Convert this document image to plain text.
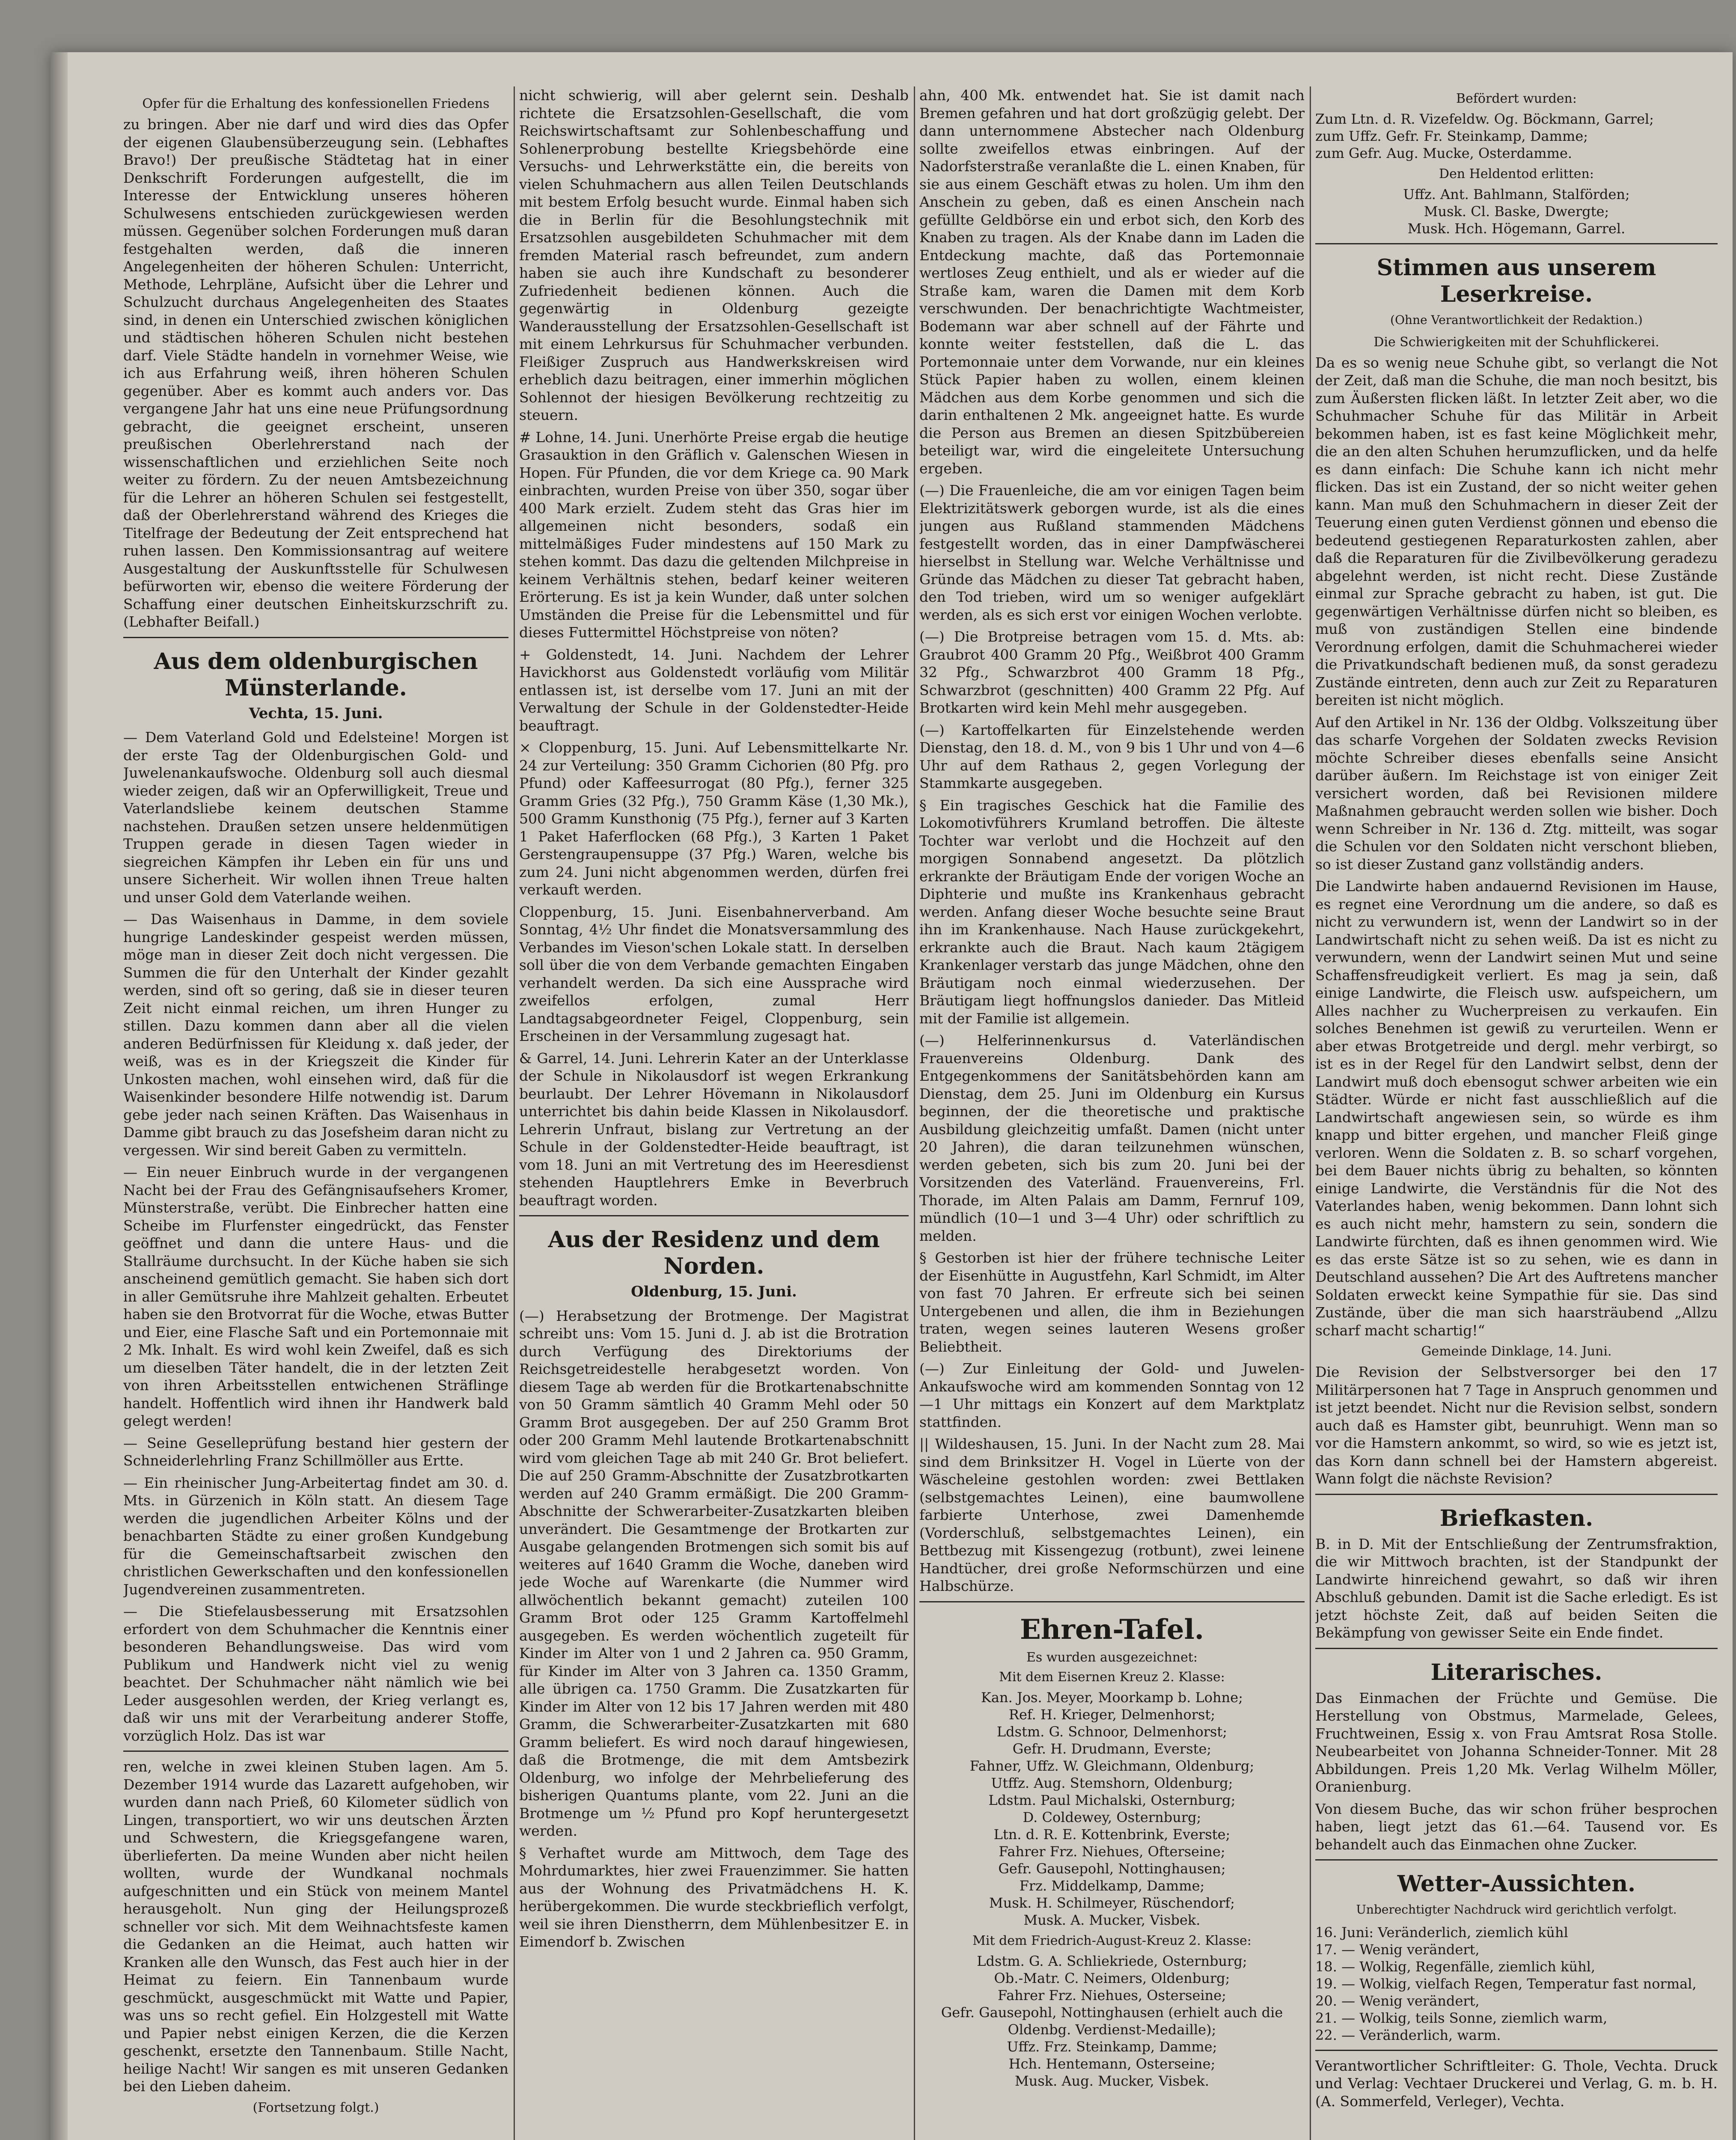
Opfer für die Erhaltung des konfessionellen Friedens

zu bringen. Aber nie darf und wird dies das Opfer der eigenen Glaubensüberzeugung sein. (Lebhaftes Bravo!) Der preußische Städtetag hat in einer Denkschrift Forderungen aufgestellt, die im Interesse der Entwicklung unseres höheren Schulwesens entschieden zurückgewiesen werden müssen. Gegenüber solchen Forderungen muß daran festgehalten werden, daß die inneren Angelegenheiten der höheren Schulen: Unterricht, Methode, Lehrpläne, Aufsicht über die Lehrer und Schulzucht durchaus Angelegenheiten des Staates sind, in denen ein Unterschied zwischen königlichen und städtischen höheren Schulen nicht bestehen darf. Viele Städte handeln in vornehmer Weise, wie ich aus Erfahrung weiß, ihren höheren Schulen gegenüber. Aber es kommt auch anders vor. Das vergangene Jahr hat uns eine neue Prüfungsordnung gebracht, die geeignet erscheint, unseren preußischen Oberlehrerstand nach der wissenschaftlichen und erziehlichen Seite noch weiter zu fördern. Zu der neuen Amtsbezeichnung für die Lehrer an höheren Schulen sei festgestellt, daß der Oberlehrerstand während des Krieges die Titelfrage der Bedeutung der Zeit entsprechend hat ruhen lassen. Den Kommissionsantrag auf weitere Ausgestaltung der Auskunftsstelle für Schulwesen befürworten wir, ebenso die weitere Förderung der Schaffung einer deutschen Einheitskurzschrift zu. (Lebhafter Beifall.)

Aus dem oldenburgischen Münsterlande.

Vechta, 15. Juni.

— Dem Vaterland Gold und Edelsteine! Morgen ist der erste Tag der Oldenburgischen Gold- und Juwelenankaufswoche. Oldenburg soll auch diesmal wieder zeigen, daß wir an Opferwilligkeit, Treue und Vaterlandsliebe keinem deutschen Stamme nachstehen. Draußen setzen unsere heldenmütigen Truppen gerade in diesen Tagen wieder in siegreichen Kämpfen ihr Leben ein für uns und unsere Sicherheit. Wir wollen ihnen Treue halten und unser Gold dem Vaterlande weihen.

— Das Waisenhaus in Damme, in dem soviele hungrige Landeskinder gespeist werden müssen, möge man in dieser Zeit doch nicht vergessen. Die Summen die für den Unterhalt der Kinder gezahlt werden, sind oft so gering, daß sie in dieser teuren Zeit nicht einmal reichen, um ihren Hunger zu stillen. Dazu kommen dann aber all die vielen anderen Bedürfnissen für Kleidung x. daß jeder, der weiß, was es in der Kriegszeit die Kinder für Unkosten machen, wohl einsehen wird, daß für die Waisenkinder besondere Hilfe notwendig ist. Darum gebe jeder nach seinen Kräften. Das Waisenhaus in Damme gibt brauch zu das Josefsheim daran nicht zu vergessen. Wir sind bereit Gaben zu vermitteln.

— Ein neuer Einbruch wurde in der vergangenen Nacht bei der Frau des Gefängnisaufsehers Kromer, Münsterstraße, verübt. Die Einbrecher hatten eine Scheibe im Flurfenster eingedrückt, das Fenster geöffnet und dann die untere Haus- und die Stallräume durchsucht. In der Küche haben sie sich anscheinend gemütlich gemacht. Sie haben sich dort in aller Gemütsruhe ihre Mahlzeit gehalten. Erbeutet haben sie den Brotvorrat für die Woche, etwas Butter und Eier, eine Flasche Saft und ein Portemonnaie mit 2 Mk. Inhalt. Es wird wohl kein Zweifel, daß es sich um dieselben Täter handelt, die in der letzten Zeit von ihren Arbeitsstellen entwichenen Sträflinge handelt. Hoffentlich wird ihnen ihr Handwerk bald gelegt werden!

— Seine Geselleprüfung bestand hier gestern der Schneiderlehrling Franz Schillmöller aus Ertte.

— Ein rheinischer Jung-Arbeitertag findet am 30. d. Mts. in Gürzenich in Köln statt. An diesem Tage werden die jugendlichen Arbeiter Kölns und der benachbarten Städte zu einer großen Kundgebung für die Gemeinschaftsarbeit zwischen den christlichen Gewerkschaften und den konfessionellen Jugendvereinen zusammentreten.

— Die Stiefelausbesserung mit Ersatzsohlen erfordert von dem Schuhmacher die Kenntnis einer besonderen Behandlungsweise. Das wird vom Publikum und Handwerk nicht viel zu wenig beachtet. Der Schuhmacher näht nämlich wie bei Leder ausgesohlen werden, der Krieg verlangt es, daß wir uns mit der Verarbeitung anderer Stoffe, vorzüglich Holz. Das ist war

ren, welche in zwei kleinen Stuben lagen. Am 5. Dezember 1914 wurde das Lazarett aufgehoben, wir wurden dann nach Prieß, 60 Kilometer südlich von Lingen, transportiert, wo wir uns deutschen Ärzten und Schwestern, die Kriegsgefangene waren, überlieferten. Da meine Wunden aber nicht heilen wollten, wurde der Wundkanal nochmals aufgeschnitten und ein Stück von meinem Mantel herausgeholt. Nun ging der Heilungsprozeß schneller vor sich. Mit dem Weihnachtsfeste kamen die Gedanken an die Heimat, auch hatten wir Kranken alle den Wunsch, das Fest auch hier in der Heimat zu feiern. Ein Tannenbaum wurde geschmückt, ausgeschmückt mit Watte und Papier, was uns so recht gefiel. Ein Holzgestell mit Watte und Papier nebst einigen Kerzen, die die Kerzen geschenkt, ersetzte den Tannenbaum. Stille Nacht, heilige Nacht! Wir sangen es mit unseren Gedanken bei den Lieben daheim.

(Fortsetzung folgt.)

nicht schwierig, will aber gelernt sein. Deshalb richtete die Ersatzsohlen-Gesellschaft, die vom Reichswirtschaftsamt zur Sohlenbeschaffung und Sohlenerprobung bestellte Kriegsbehörde eine Versuchs- und Lehrwerkstätte ein, die bereits von vielen Schuhmachern aus allen Teilen Deutschlands mit bestem Erfolg besucht wurde. Einmal haben sich die in Berlin für die Besohlungstechnik mit Ersatzsohlen ausgebildeten Schuhmacher mit dem fremden Material rasch befreundet, zum andern haben sie auch ihre Kundschaft zu besonderer Zufriedenheit bedienen können. Auch die gegenwärtig in Oldenburg gezeigte Wanderausstellung der Ersatzsohlen-Gesellschaft ist mit einem Lehrkursus für Schuhmacher verbunden. Fleißiger Zuspruch aus Handwerkskreisen wird erheblich dazu beitragen, einer immerhin möglichen Sohlennot der hiesigen Bevölkerung rechtzeitig zu steuern.

# Lohne, 14. Juni. Unerhörte Preise ergab die heutige Grasauktion in den Gräflich v. Galenschen Wiesen in Hopen. Für Pfunden, die vor dem Kriege ca. 90 Mark einbrachten, wurden Preise von über 350, sogar über 400 Mark erzielt. Zudem steht das Gras hier im allgemeinen nicht besonders, sodaß ein mittelmäßiges Fuder mindestens auf 150 Mark zu stehen kommt. Das dazu die geltenden Milchpreise in keinem Verhältnis stehen, bedarf keiner weiteren Erörterung. Es ist ja kein Wunder, daß unter solchen Umständen die Preise für die Lebensmittel und für dieses Futtermittel Höchstpreise von nöten?

+ Goldenstedt, 14. Juni. Nachdem der Lehrer Havickhorst aus Goldenstedt vorläufig vom Militär entlassen ist, ist derselbe vom 17. Juni an mit der Verwaltung der Schule in der Goldenstedter-Heide beauftragt.

× Cloppenburg, 15. Juni. Auf Lebensmittelkarte Nr. 24 zur Verteilung: 350 Gramm Cichorien (80 Pfg. pro Pfund) oder Kaffeesurrogat (80 Pfg.), ferner 325 Gramm Gries (32 Pfg.), 750 Gramm Käse (1,30 Mk.), 500 Gramm Kunsthonig (75 Pfg.), ferner auf 3 Karten 1 Paket Haferflocken (68 Pfg.), 3 Karten 1 Paket Gerstengraupensuppe (37 Pfg.) Waren, welche bis zum 24. Juni nicht abgenommen werden, dürfen frei verkauft werden.

Cloppenburg, 15. Juni. Eisenbahnerverband. Am Sonntag, 4½ Uhr findet die Monatsversammlung des Verbandes im Vieson'schen Lokale statt. In derselben soll über die von dem Verbande gemachten Eingaben verhandelt werden. Da sich eine Aussprache wird zweifellos erfolgen, zumal Herr Landtagsabgeordneter Feigel, Cloppenburg, sein Erscheinen in der Versammlung zugesagt hat.

& Garrel, 14. Juni. Lehrerin Kater an der Unterklasse der Schule in Nikolausdorf ist wegen Erkrankung beurlaubt. Der Lehrer Hövemann in Nikolausdorf unterrichtet bis dahin beide Klassen in Nikolausdorf. Lehrerin Unfraut, bislang zur Vertretung an der Schule in der Goldenstedter-Heide beauftragt, ist vom 18. Juni an mit Vertretung des im Heeresdienst stehenden Hauptlehrers Emke in Beverbruch beauftragt worden.

Aus der Residenz und dem Norden.

Oldenburg, 15. Juni.

(—) Herabsetzung der Brotmenge. Der Magistrat schreibt uns: Vom 15. Juni d. J. ab ist die Brotration durch Verfügung des Direktoriums der Reichsgetreidestelle herabgesetzt worden. Von diesem Tage ab werden für die Brotkartenabschnitte von 50 Gramm sämtlich 40 Gramm Mehl oder 50 Gramm Brot ausgegeben. Der auf 250 Gramm Brot oder 200 Gramm Mehl lautende Brotkartenabschnitt wird vom gleichen Tage ab mit 240 Gr. Brot beliefert. Die auf 250 Gramm-Abschnitte der Zusatzbrotkarten werden auf 240 Gramm ermäßigt. Die 200 Gramm-Abschnitte der Schwerarbeiter-Zusatzkarten bleiben unverändert. Die Gesamtmenge der Brotkarten zur Ausgabe gelangenden Brotmengen sich somit bis auf weiteres auf 1640 Gramm die Woche, daneben wird jede Woche auf Warenkarte (die Nummer wird allwöchentlich bekannt gemacht) zuteilen 100 Gramm Brot oder 125 Gramm Kartoffelmehl ausgegeben. Es werden wöchentlich zugeteilt für Kinder im Alter von 1 und 2 Jahren ca. 950 Gramm, für Kinder im Alter von 3 Jahren ca. 1350 Gramm, alle übrigen ca. 1750 Gramm. Die Zusatzkarten für Kinder im Alter von 12 bis 17 Jahren werden mit 480 Gramm, die Schwerarbeiter-Zusatzkarten mit 680 Gramm beliefert. Es wird noch darauf hingewiesen, daß die Brotmenge, die mit dem Amtsbezirk Oldenburg, wo infolge der Mehrbelieferung des bisherigen Quantums plante, vom 22. Juni an die Brotmenge um ½ Pfund pro Kopf heruntergesetzt werden.

§ Verhaftet wurde am Mittwoch, dem Tage des Mohrdumarktes, hier zwei Frauenzimmer. Sie hatten aus der Wohnung des Privatmädchens H. K. herübergekommen. Die wurde steckbrieflich verfolgt, weil sie ihren Dienstherrn, dem Mühlenbesitzer E. in Eimendorf b. Zwischen

ahn, 400 Mk. entwendet hat. Sie ist damit nach Bremen gefahren und hat dort großzügig gelebt. Der dann unternommene Abstecher nach Oldenburg sollte zweifellos etwas einbringen. Auf der Nadorfsterstraße veranlaßte die L. einen Knaben, für sie aus einem Geschäft etwas zu holen. Um ihm den Anschein zu geben, daß es einen Anschein nach gefüllte Geldbörse ein und erbot sich, den Korb des Knaben zu tragen. Als der Knabe dann im Laden die Entdeckung machte, daß das Portemonnaie wertloses Zeug enthielt, und als er wieder auf die Straße kam, waren die Damen mit dem Korb verschwunden. Der benachrichtigte Wachtmeister, Bodemann war aber schnell auf der Fährte und konnte weiter feststellen, daß die L. das Portemonnaie unter dem Vorwande, nur ein kleines Stück Papier haben zu wollen, einem kleinen Mädchen aus dem Korbe genommen und sich die darin enthaltenen 2 Mk. angeeignet hatte. Es wurde die Person aus Bremen an diesen Spitzbübereien beteiligt war, wird die eingeleitete Untersuchung ergeben.

(—) Die Frauenleiche, die am vor einigen Tagen beim Elektrizitätswerk geborgen wurde, ist als die eines jungen aus Rußland stammenden Mädchens festgestellt worden, das in einer Dampfwäscherei hierselbst in Stellung war. Welche Verhältnisse und Gründe das Mädchen zu dieser Tat gebracht haben, den Tod trieben, wird um so weniger aufgeklärt werden, als es sich erst vor einigen Wochen verlobte.

(—) Die Brotpreise betragen vom 15. d. Mts. ab: Graubrot 400 Gramm 20 Pfg., Weißbrot 400 Gramm 32 Pfg., Schwarzbrot 400 Gramm 18 Pfg., Schwarzbrot (geschnitten) 400 Gramm 22 Pfg. Auf Brotkarten wird kein Mehl mehr ausgegeben.

(—) Kartoffelkarten für Einzelstehende werden Dienstag, den 18. d. M., von 9 bis 1 Uhr und von 4—6 Uhr auf dem Rathaus 2, gegen Vorlegung der Stammkarte ausgegeben.

§ Ein tragisches Geschick hat die Familie des Lokomotivführers Krumland betroffen. Die älteste Tochter war verlobt und die Hochzeit auf den morgigen Sonnabend angesetzt. Da plötzlich erkrankte der Bräutigam Ende der vorigen Woche an Diphterie und mußte ins Krankenhaus gebracht werden. Anfang dieser Woche besuchte seine Braut ihn im Krankenhause. Nach Hause zurückgekehrt, erkrankte auch die Braut. Nach kaum 2tägigem Krankenlager verstarb das junge Mädchen, ohne den Bräutigam noch einmal wiederzusehen. Der Bräutigam liegt hoffnungslos danieder. Das Mitleid mit der Familie ist allgemein.

(—) Helferinnenkursus d. Vaterländischen Frauenvereins Oldenburg. Dank des Entgegenkommens der Sanitätsbehörden kann am Dienstag, dem 25. Juni im Oldenburg ein Kursus beginnen, der die theoretische und praktische Ausbildung gleichzeitig umfaßt. Damen (nicht unter 20 Jahren), die daran teilzunehmen wünschen, werden gebeten, sich bis zum 20. Juni bei der Vorsitzenden des Vaterländ. Frauenvereins, Frl. Thorade, im Alten Palais am Damm, Fernruf 109, mündlich (10—1 und 3—4 Uhr) oder schriftlich zu melden.

§ Gestorben ist hier der frühere technische Leiter der Eisenhütte in Augustfehn, Karl Schmidt, im Alter von fast 70 Jahren. Er erfreute sich bei seinen Untergebenen und allen, die ihm in Beziehungen traten, wegen seines lauteren Wesens großer Beliebtheit.

(—) Zur Einleitung der Gold- und Juwelen-Ankaufswoche wird am kommenden Sonntag von 12—1 Uhr mittags ein Konzert auf dem Marktplatz stattfinden.

|| Wildeshausen, 15. Juni. In der Nacht zum 28. Mai sind dem Brinksitzer H. Vogel in Lüerte von der Wäscheleine gestohlen worden: zwei Bettlaken (selbstgemachtes Leinen), eine baumwollene farbierte Unterhose, zwei Damenhemde (Vorderschluß, selbstgemachtes Leinen), ein Bettbezug mit Kissengezug (rotbunt), zwei leinene Handtücher, drei große Neformschürzen und eine Halbschürze.

Ehren-Tafel.

Es wurden ausgezeichnet:

Mit dem Eisernen Kreuz 2. Klasse:

Kan. Jos. Meyer, Moorkamp b. Lohne;

Ref. H. Krieger, Delmenhorst;

Ldstm. G. Schnoor, Delmenhorst;

Gefr. H. Drudmann, Everste;

Fahner, Uffz. W. Gleichmann, Oldenburg;

Utffz. Aug. Stemshorn, Oldenburg;

Ldstm. Paul Michalski, Osternburg;

D. Coldewey, Osternburg;

Ltn. d. R. E. Kottenbrink, Everste;

Fahrer Frz. Niehues, Ofterseine;

Gefr. Gausepohl, Nottinghausen;

Frz. Middelkamp, Damme;

Musk. H. Schilmeyer, Rüschendorf;

Musk. A. Mucker, Visbek.

Mit dem Friedrich-August-Kreuz 2. Klasse:

Ldstm. G. A. Schliekriede, Osternburg;

Ob.-Matr. C. Neimers, Oldenburg;

Fahrer Frz. Niehues, Osterseine;

Gefr. Gausepohl, Nottinghausen (erhielt auch die Oldenbg. Verdienst-Medaille);

Uffz. Frz. Steinkamp, Damme;

Hch. Hentemann, Osterseine;

Musk. Aug. Mucker, Visbek.

Befördert wurden:

Zum Ltn. d. R. Vizefeldw. Og. Böckmann, Garrel;

zum Uffz. Gefr. Fr. Steinkamp, Damme;

zum Gefr. Aug. Mucke, Osterdamme.

Den Heldentod erlitten:

Uffz. Ant. Bahlmann, Stalförden;

Musk. Cl. Baske, Dwergte;

Musk. Hch. Högemann, Garrel.

Stimmen aus unserem Leserkreise.

(Ohne Verantwortlichkeit der Redaktion.)

Die Schwierigkeiten mit der Schuhflickerei.

Da es so wenig neue Schuhe gibt, so verlangt die Not der Zeit, daß man die Schuhe, die man noch besitzt, bis zum Äußersten flicken läßt. In letzter Zeit aber, wo die Schuhmacher Schuhe für das Militär in Arbeit bekommen haben, ist es fast keine Möglichkeit mehr, die an den alten Schuhen herumzuflicken, und da helfe es dann einfach: Die Schuhe kann ich nicht mehr flicken. Das ist ein Zustand, der so nicht weiter gehen kann. Man muß den Schuhmachern in dieser Zeit der Teuerung einen guten Verdienst gönnen und ebenso die bedeutend gestiegenen Reparaturkosten zahlen, aber daß die Reparaturen für die Zivilbevölkerung geradezu abgelehnt werden, ist nicht recht. Diese Zustände einmal zur Sprache gebracht zu haben, ist gut. Die gegenwärtigen Verhältnisse dürfen nicht so bleiben, es muß von zuständigen Stellen eine bindende Verordnung erfolgen, damit die Schuhmacherei wieder die Privatkundschaft bedienen muß, da sonst geradezu Zustände eintreten, denn auch zur Zeit zu Reparaturen bereiten ist nicht möglich.

Auf den Artikel in Nr. 136 der Oldbg. Volkszeitung über das scharfe Vorgehen der Soldaten zwecks Revision möchte Schreiber dieses ebenfalls seine Ansicht darüber äußern. Im Reichstage ist von einiger Zeit versichert worden, daß bei Revisionen mildere Maßnahmen gebraucht werden sollen wie bisher. Doch wenn Schreiber in Nr. 136 d. Ztg. mitteilt, was sogar die Schulen vor den Soldaten nicht verschont blieben, so ist dieser Zustand ganz vollständig anders.

Die Landwirte haben andauernd Revisionen im Hause, es regnet eine Verordnung um die andere, so daß es nicht zu verwundern ist, wenn der Landwirt so in der Landwirtschaft nicht zu sehen weiß. Da ist es nicht zu verwundern, wenn der Landwirt seinen Mut und seine Schaffensfreudigkeit verliert. Es mag ja sein, daß einige Landwirte, die Fleisch usw. aufspeichern, um Alles nachher zu Wucherpreisen zu verkaufen. Ein solches Benehmen ist gewiß zu verurteilen. Wenn er aber etwas Brotgetreide und dergl. mehr verbirgt, so ist es in der Regel für den Landwirt selbst, denn der Landwirt muß doch ebensogut schwer arbeiten wie ein Städter. Würde er nicht fast ausschließlich auf die Landwirtschaft angewiesen sein, so würde es ihm knapp und bitter ergehen, und mancher Fleiß ginge verloren. Wenn die Soldaten z. B. so scharf vorgehen, bei dem Bauer nichts übrig zu behalten, so könnten einige Landwirte, die Verständnis für die Not des Vaterlandes haben, wenig bekommen. Dann lohnt sich es auch nicht mehr, hamstern zu sein, sondern die Landwirte fürchten, daß es ihnen genommen wird. Wie es das erste Sätze ist so zu sehen, wie es dann in Deutschland aussehen? Die Art des Auftretens mancher Soldaten erweckt keine Sympathie für sie. Das sind Zustände, über die man sich haarsträubend „Allzu scharf macht schartig!“

Gemeinde Dinklage, 14. Juni.

Die Revision der Selbstversorger bei den 17 Militärpersonen hat 7 Tage in Anspruch genommen und ist jetzt beendet. Nicht nur die Revision selbst, sondern auch daß es Hamster gibt, beunruhigt. Wenn man so vor die Hamstern ankommt, so wird, so wie es jetzt ist, das Korn dann schnell bei der Hamstern abgereist. Wann folgt die nächste Revision?

Briefkasten.

B. in D. Mit der Entschließung der Zentrumsfraktion, die wir Mittwoch brachten, ist der Standpunkt der Landwirte hinreichend gewahrt, so daß wir ihren Abschluß gebunden. Damit ist die Sache erledigt. Es ist jetzt höchste Zeit, daß auf beiden Seiten die Bekämpfung von gewisser Seite ein Ende findet.

Literarisches.

Das Einmachen der Früchte und Gemüse. Die Herstellung von Obstmus, Marmelade, Gelees, Fruchtweinen, Essig x. von Frau Amtsrat Rosa Stolle. Neubearbeitet von Johanna Schneider-Tonner. Mit 28 Abbildungen. Preis 1,20 Mk. Verlag Wilhelm Möller, Oranienburg.

Von diesem Buche, das wir schon früher besprochen haben, liegt jetzt das 61.—64. Tausend vor. Es behandelt auch das Einmachen ohne Zucker.

Wetter-Aussichten.

Unberechtigter Nachdruck wird gerichtlich verfolgt.

16. Juni: Veränderlich, ziemlich kühl

17. — Wenig verändert,

18. — Wolkig, Regenfälle, ziemlich kühl,

19. — Wolkig, vielfach Regen, Temperatur fast normal,

20. — Wenig verändert,

21. — Wolkig, teils Sonne, ziemlich warm,

22. — Veränderlich, warm.

Verantwortlicher Schriftleiter: G. Thole, Vechta. Druck und Verlag: Vechtaer Druckerei und Verlag, G. m. b. H. (A. Sommerfeld, Verleger), Vechta.
